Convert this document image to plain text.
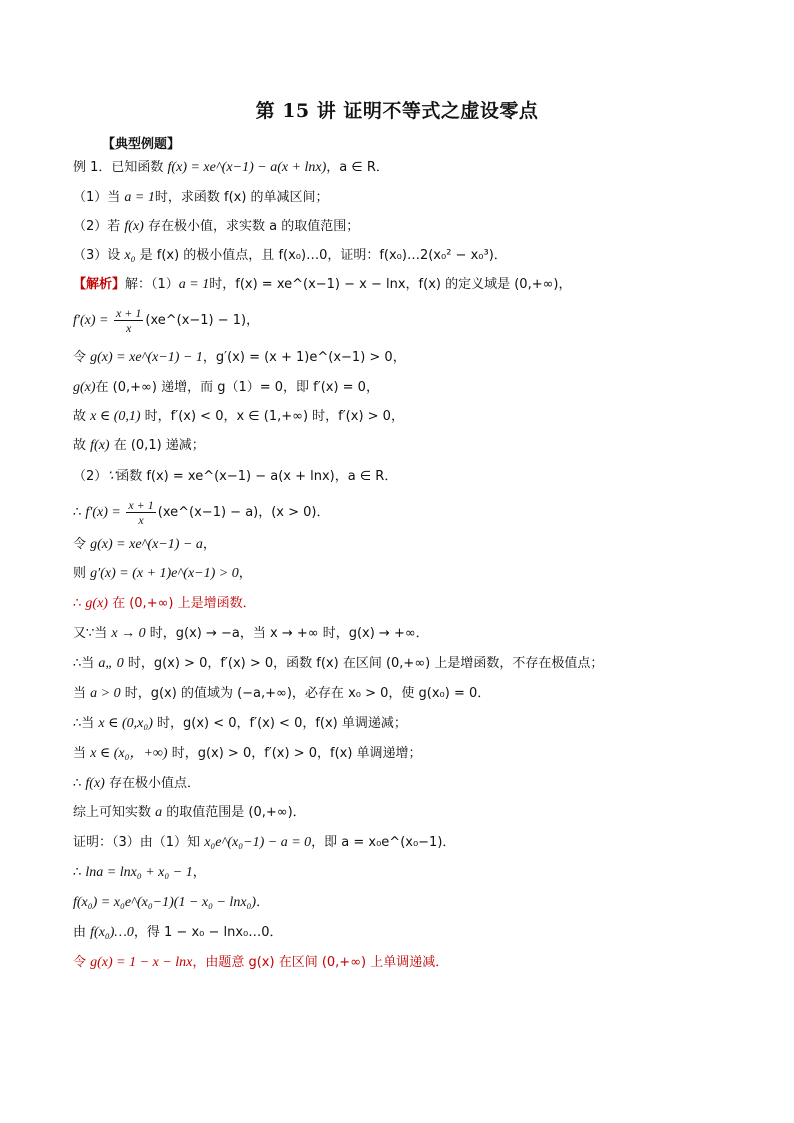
第 15 讲 证明不等式之虚设零点
【典型例题】
例 1．已知函数 f(x) = xe^(x−1) − a(x + lnx)，a ∈ R．
（1）当 a = 1时，求函数 f(x) 的单减区间；
（2）若 f(x) 存在极小值，求实数 a 的取值范围；
（3）设 x₀ 是 f(x) 的极小值点，且 f(x₀)…0，证明：f(x₀)…2(x₀² − x₀³)．
【解析】解：（1）a = 1时，f(x) = xe^(x−1) − x − lnx，f(x) 的定义域是 (0,+∞)，
$f'(x) = \frac{x + 1}{x}$ (xe^(x−1) − 1)，
令 g(x) = xe^(x−1) − 1，g′(x) = (x + 1)e^(x−1) > 0，
g(x)在 (0,+∞) 递增，而 g（1）= 0，即 f′(x) = 0，
故 x ∈ (0,1) 时，f′(x) < 0，x ∈ (1,+∞) 时，f′(x) > 0，
故 f(x) 在 (0,1) 递减；
（2）∵函数 f(x) = xe^(x−1) − a(x + lnx)，a ∈ R．
∴ $f'(x) = \frac{x + 1}{x}$ (xe^(x−1) − a)，(x > 0)．
令 g(x) = xe^(x−1) − a，
则 g′(x) = (x + 1)e^(x−1) > 0，
∴ g(x) 在 (0,+∞) 上是增函数．
又∵当 x → 0 时，g(x) → −a，当 x → +∞ 时，g(x) → +∞．
∴当 a„ 0 时，g(x) > 0，f′(x) > 0，函数 f(x) 在区间 (0,+∞) 上是增函数，不存在极值点；
当 a > 0 时，g(x) 的值域为 (−a,+∞)，必存在 x₀ > 0，使 g(x₀) = 0．
∴当 x ∈ (0,x₀) 时，g(x) < 0，f′(x) < 0，f(x) 单调递减；
当 x ∈ (x₀，+∞) 时，g(x) > 0，f′(x) > 0，f(x) 单调递增；
∴ f(x) 存在极小值点．
综上可知实数 a 的取值范围是 (0,+∞)．
证明：（3）由（1）知 x₀e^(x₀−1) − a = 0，即 a = x₀e^(x₀−1)．
∴ lna = lnx₀ + x₀ − 1，
f(x₀) = x₀e^(x₀−1)(1 − x₀ − lnx₀)．
由 f(x₀)…0，得 1 − x₀ − lnx₀…0．
令 g(x) = 1 − x − lnx，由题意 g(x) 在区间 (0,+∞) 上单调递减．
